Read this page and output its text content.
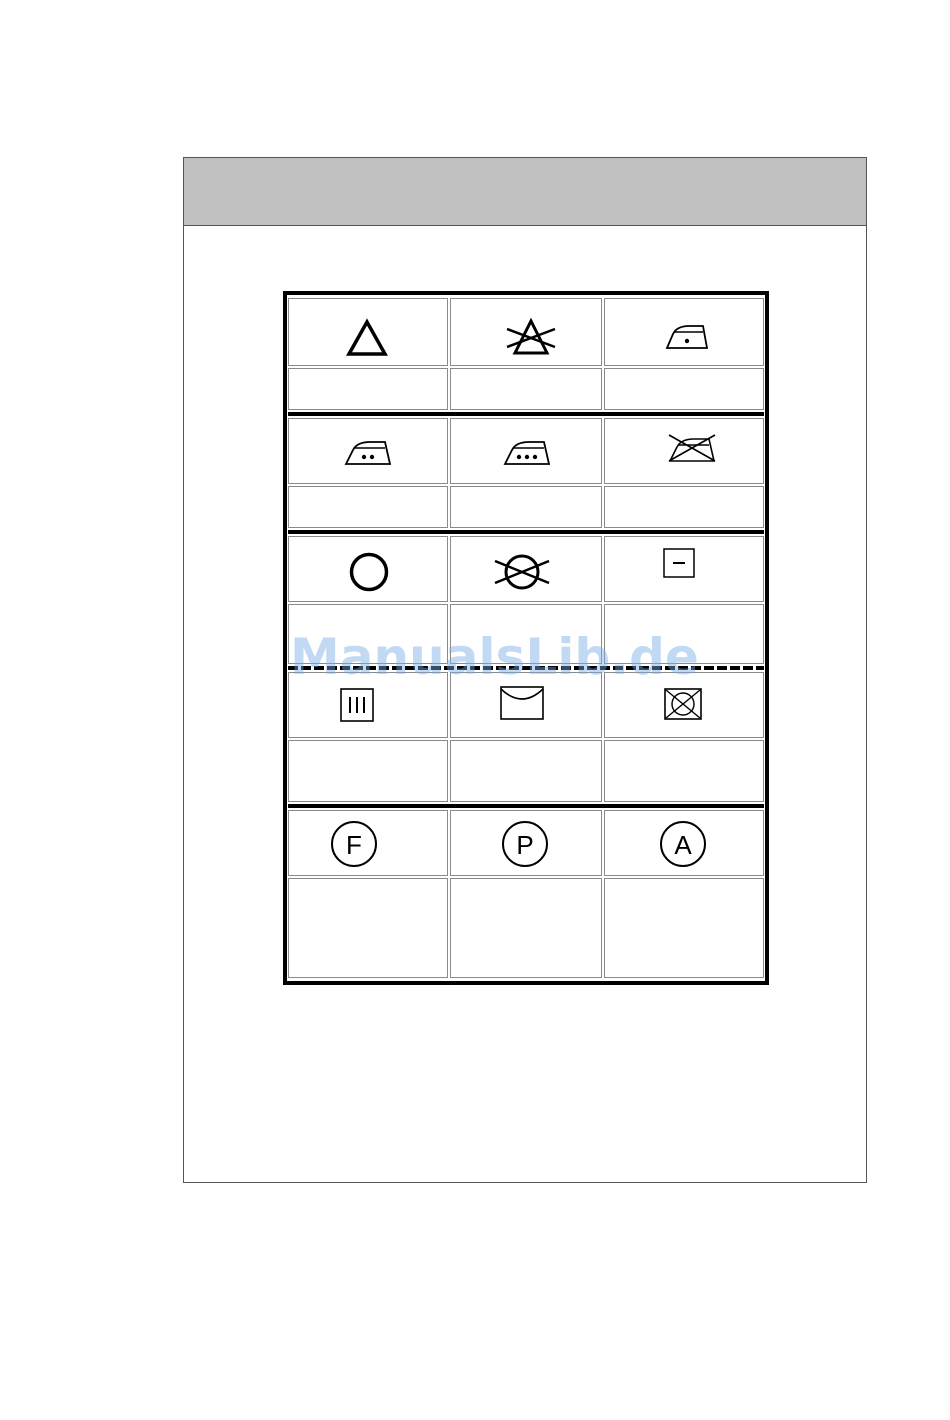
F	P	A
ManualsLib.de
